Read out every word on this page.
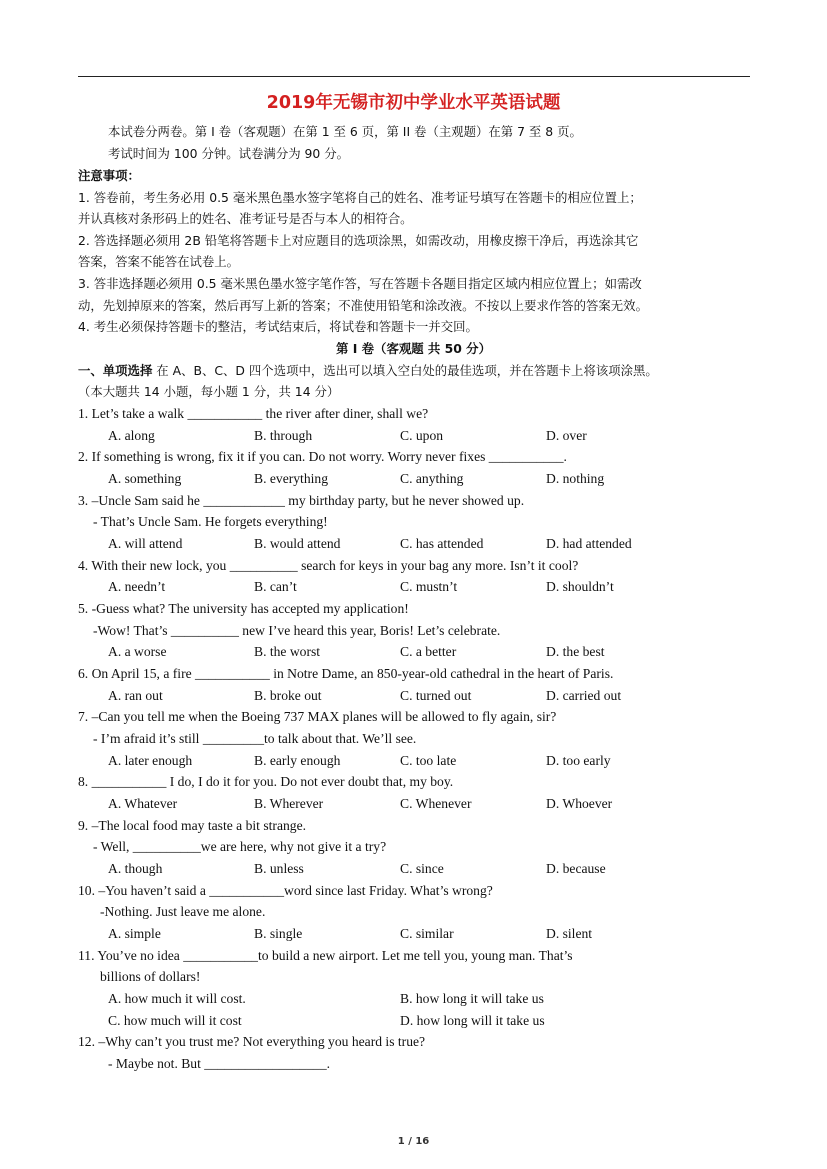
2019年无锡市初中学业水平英语试题
本试卷分两卷。第 I 卷（客观题）在第 1 至 6 页，第 II 卷（主观题）在第 7 至 8 页。
考试时间为 100 分钟。试卷满分为 90 分。
注意事项：
1. 答卷前，考生务必用 0.5 毫米黑色墨水签字笔将自己的姓名、准考证号填写在答题卡的相应位置上；
并认真核对条形码上的姓名、准考证号是否与本人的相符合。
2. 答选择题必须用 2B 铅笔将答题卡上对应题目的选项涂黑，如需改动，用橡皮擦干净后，再选涂其它
答案，答案不能答在试卷上。
3. 答非选择题必须用 0.5 毫米黑色墨水签字笔作答，写在答题卡各题目指定区域内相应位置上；如需改
动，先划掉原来的答案，然后再写上新的答案；不准使用铅笔和涂改液。不按以上要求作答的答案无效。
4. 考生必须保持答题卡的整洁，考试结束后，将试卷和答题卡一并交回。
第 I 卷（客观题 共 50 分）
一、单项选择 在 A、B、C、D 四个选项中，选出可以填入空白处的最佳选项，并在答题卡上将该项涂黑。
（本大题共 14 小题，每小题 1 分，共 14 分）
1. Let’s take a walk ___________ the river after diner, shall we?
A. along	B. through	C. upon	D. over
2. If something is wrong, fix it if you can. Do not worry. Worry never fixes ___________.
A. something	B. everything	C. anything	D. nothing
3. –Uncle Sam said he ____________ my birthday party, but he never showed up.
- That’s Uncle Sam. He forgets everything!
A. will attend	B. would attend	C. has attended	D. had attended
4. With their new lock, you __________ search for keys in your bag any more. Isn’t it cool?
A. needn’t	B. can’t	C. mustn’t	D. shouldn’t
5. -Guess what? The university has accepted my application!
-Wow! That’s __________ new I’ve heard this year, Boris! Let’s celebrate.
A. a worse	B. the worst	C. a better	D. the best
6. On April 15, a fire ___________ in Notre Dame, an 850-year-old cathedral in the heart of Paris.
A. ran out	B. broke out	C. turned out	D. carried out
7. –Can you tell me when the Boeing 737 MAX planes will be allowed to fly again, sir?
- I’m afraid it’s still _________to talk about that. We’ll see.
A. later enough	B. early enough	C. too late	D. too early
8. ___________ I do, I do it for you. Do not ever doubt that, my boy.
A. Whatever	B. Wherever	C. Whenever	D. Whoever
9. –The local food may taste a bit strange.
- Well, __________we are here, why not give it a try?
A. though	B. unless	C. since	D. because
10. –You haven’t said a ___________word since last Friday. What’s wrong?
-Nothing. Just leave me alone.
A. simple	B. single	C. similar	D. silent
11. You’ve no idea ___________to build a new airport. Let me tell you, young man. That’s
billions of dollars!
A. how much it will cost.	B. how long it will take us
C. how much will it cost	D. how long will it take us
12. –Why can’t you trust me? Not everything you heard is true?
- Maybe not. But __________________.
1 / 16
